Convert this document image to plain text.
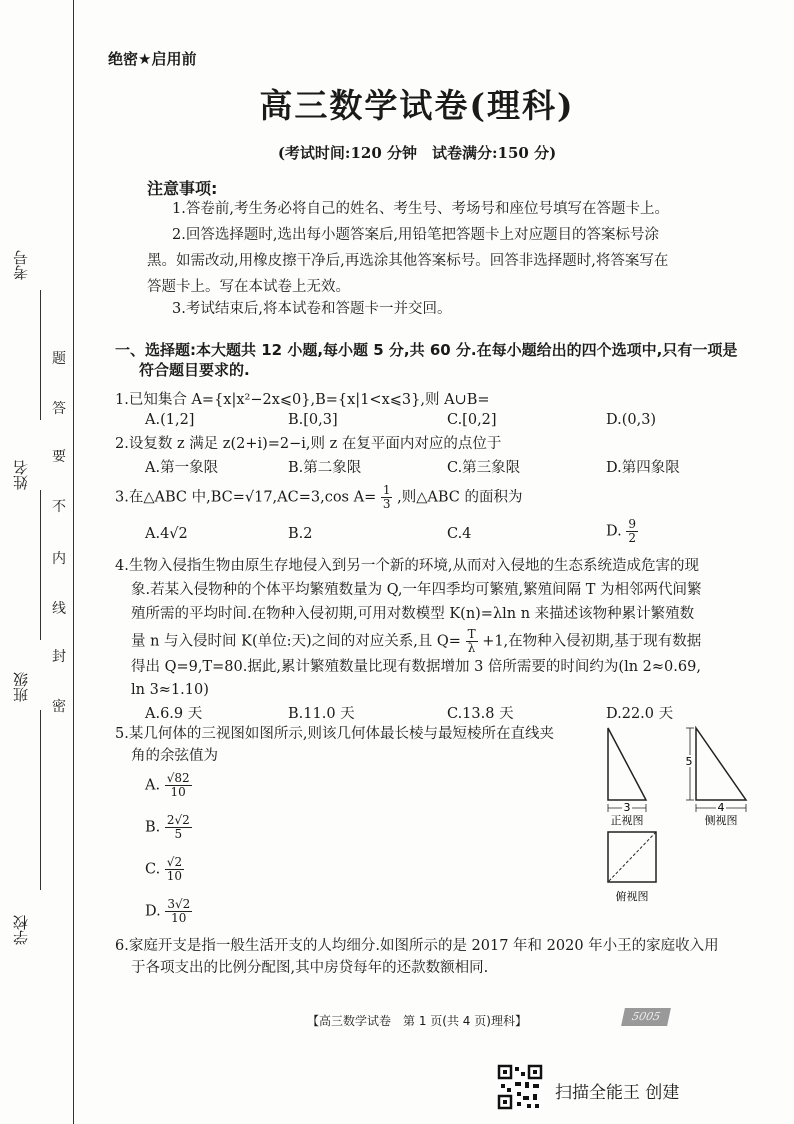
考号
姓名
班级
学校
题
答
要
不
内
线
封
密
绝密★启用前
高三数学试卷(理科)
(考试时间:120 分钟　试卷满分:150 分)
注意事项:
1.答卷前,考生务必将自己的姓名、考生号、考场号和座位号填写在答题卡上。
2.回答选择题时,选出每小题答案后,用铅笔把答题卡上对应题目的答案标号涂
黑。如需改动,用橡皮擦干净后,再选涂其他答案标号。回答非选择题时,将答案写在
答题卡上。写在本试卷上无效。
3.考试结束后,将本试卷和答题卡一并交回。
一、选择题:本大题共 12 小题,每小题 5 分,共 60 分.在每小题给出的四个选项中,只有一项是
符合题目要求的.
1.已知集合 A={x|x²−2x⩽0},B={x|1<x⩽3},则 A∪B=
A.(1,2]	B.[0,3]	C.[0,2]	D.(0,3)
2.设复数 z 满足 z(2+i)=2−i,则 z 在复平面内对应的点位于
A.第一象限	B.第二象限	C.第三象限	D.第四象限
3.在△ABC 中,BC=√17,AC=3,cos $A= \frac{1}{3}$ ,则△ABC 的面积为
A.4√2	B.2	C.4	D. $\frac{9}{2}$
4.生物入侵指生物由原生存地侵入到另一个新的环境,从而对入侵地的生态系统造成危害的现
象.若某入侵物种的个体平均繁殖数量为 Q,一年四季均可繁殖,繁殖间隔 T 为相邻两代间繁
殖所需的平均时间.在物种入侵初期,可用对数模型 K(n)=λln n 来描述该物种累计繁殖数
量 n 与入侵时间 K(单位:天)之间的对应关系,且 $Q= \frac{T}{\lambda} +1$,在物种入侵初期,基于现有数据
得出 Q=9,T=80.据此,累计繁殖数量比现有数据增加 3 倍所需要的时间约为(ln 2≈0.69,
ln 3≈1.10)
A.6.9 天	B.11.0 天	C.13.8 天	D.22.0 天
5.某几何体的三视图如图所示,则该几何体最长棱与最短棱所在直线夹
角的余弦值为
A. $\frac{√82}{10}$
B. $\frac{2√2}{5}$
C. $\frac{√2}{10}$
D. $\frac{3√2}{10}$
3
正视图
5
4
侧视图
俯视图
6.家庭开支是指一般生活开支的人均细分.如图所示的是 2017 年和 2020 年小王的家庭收入用
于各项支出的比例分配图,其中房贷每年的还款数额相同.
【高三数学试卷　第 1 页(共 4 页)理科】	5005
扫描全能王 创建
